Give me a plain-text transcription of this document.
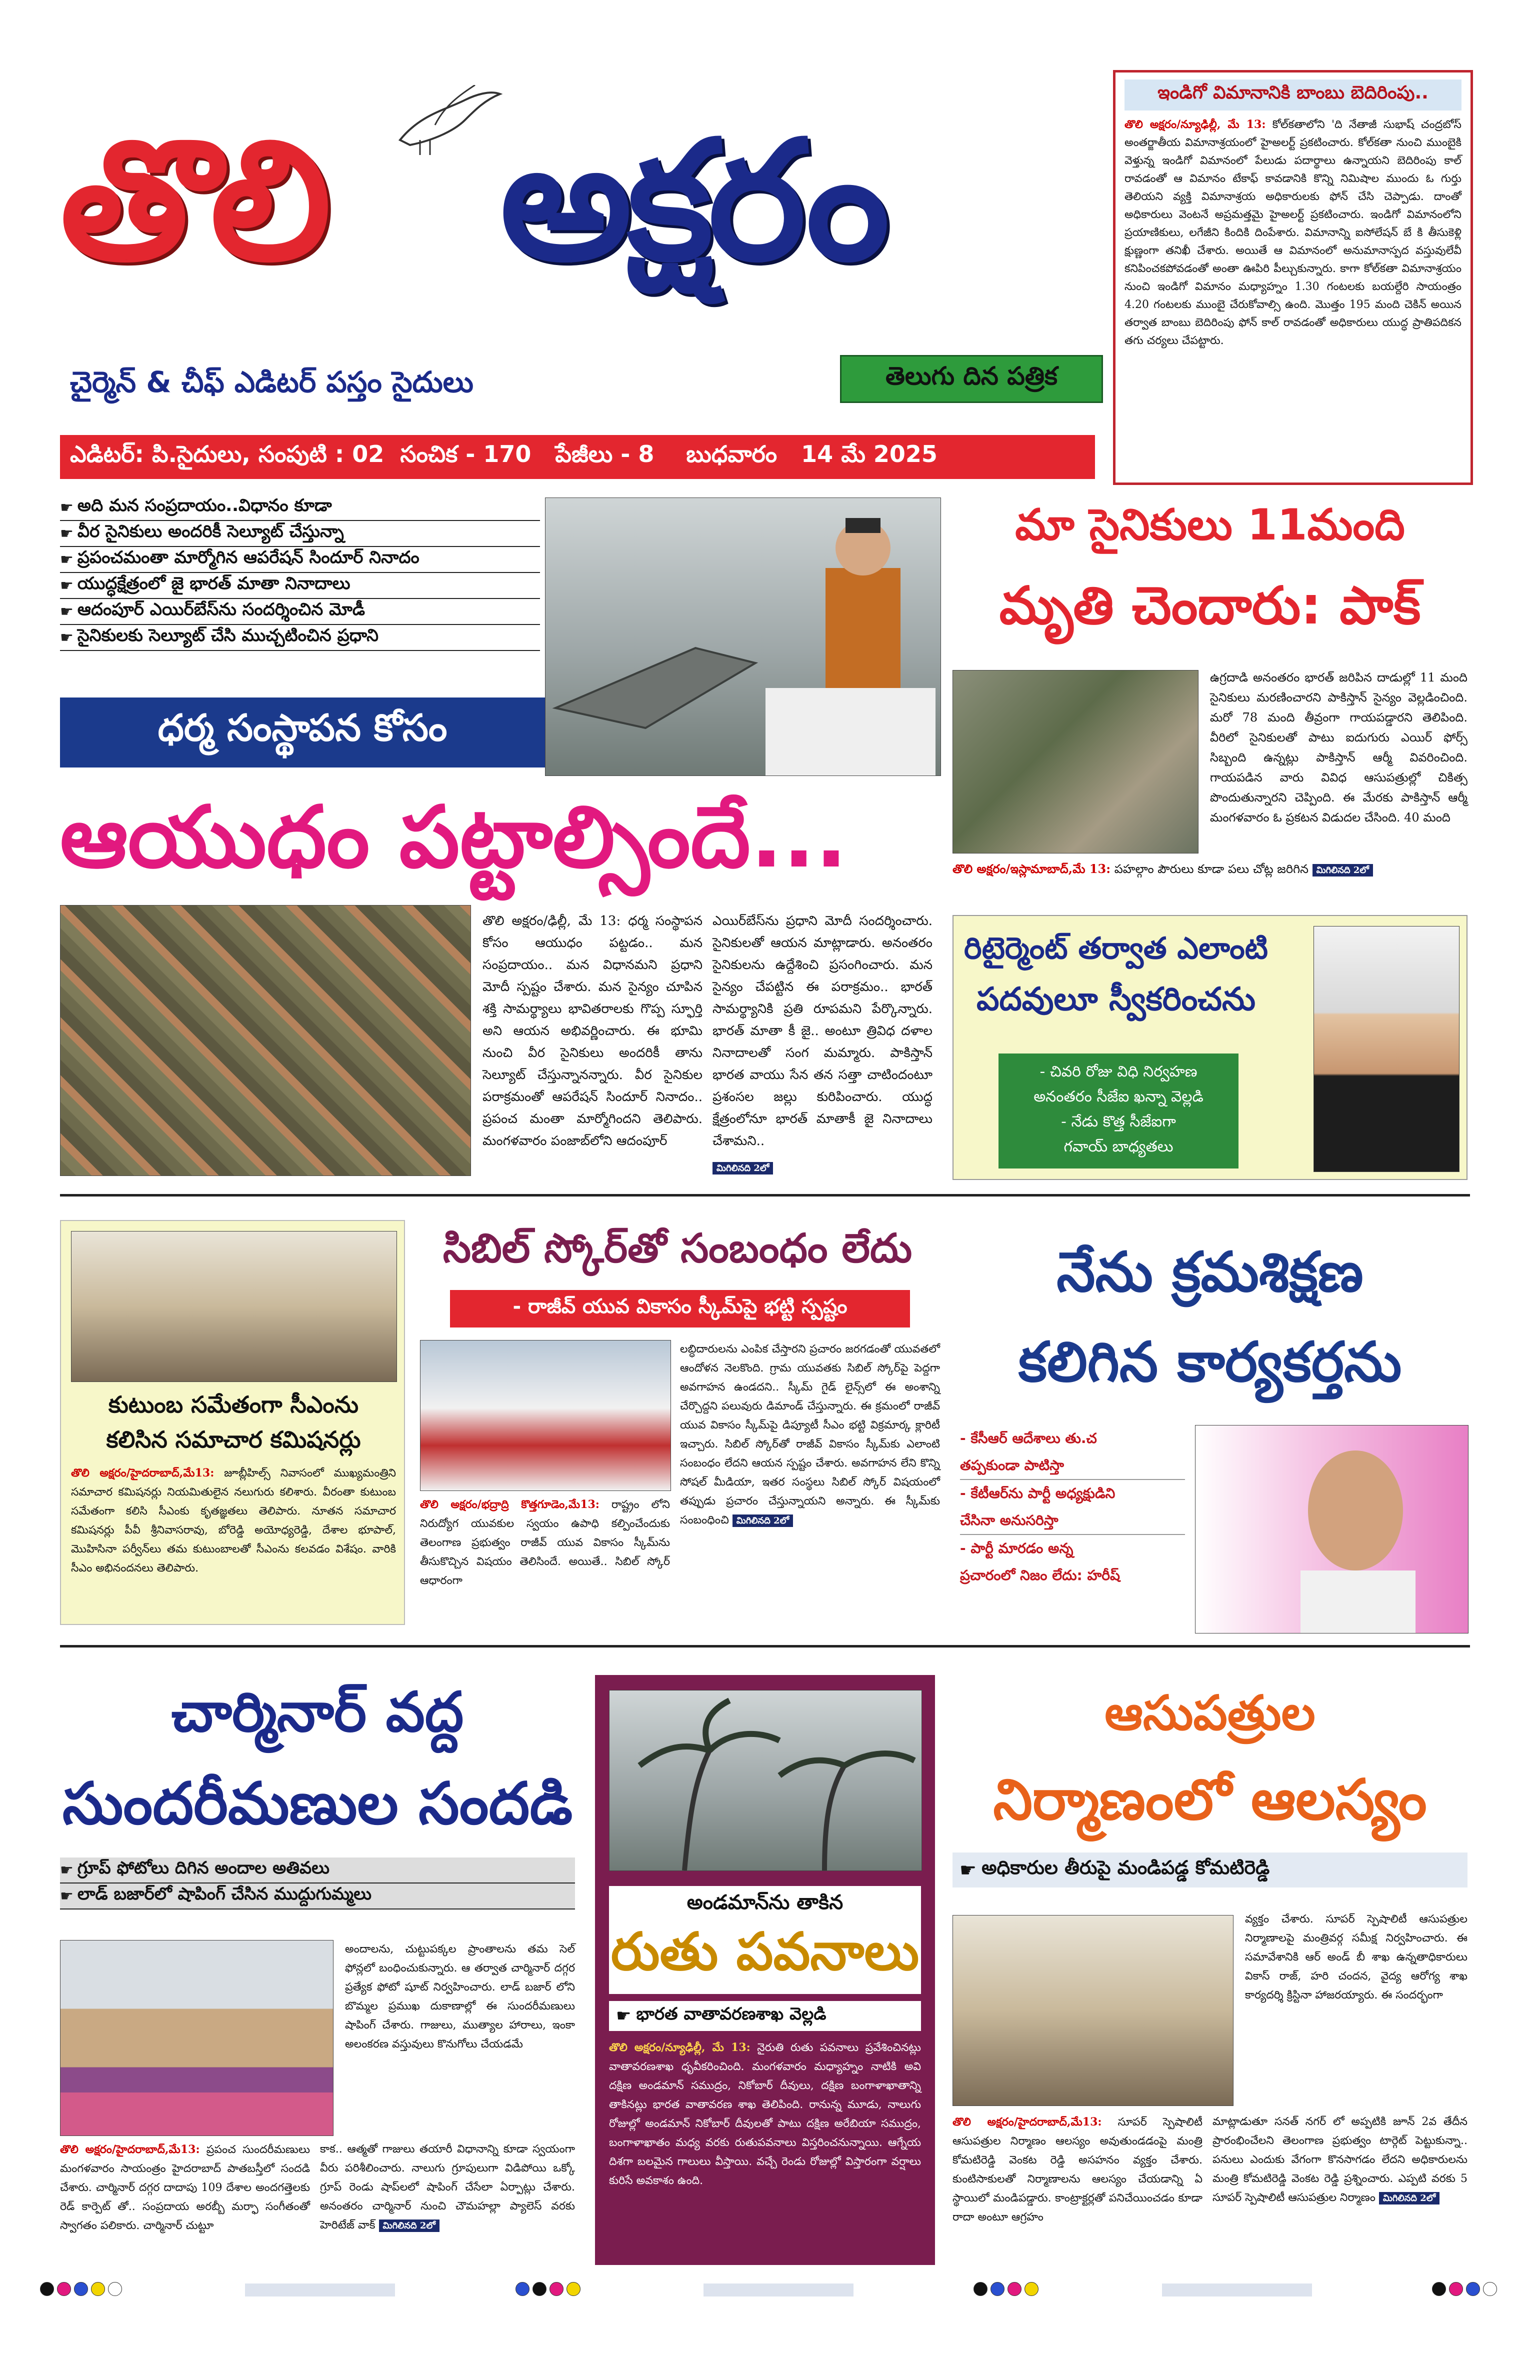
తొలి అక్షరం
చైర్మెన్ & చీఫ్ ఎడిటర్ పస్తం సైదులు	తెలుగు దిన పత్రిక
ఎడిటర్: పి.సైదులు, సంపుటి : 02  సంచిక - 170   పేజీలు - 8    బుధవారం   14 మే 2025
ఇండిగో విమానానికి బాంబు బెదిరింపు..
తొలి అక్షరం/న్యూఢిల్లీ, మే 13: కోల్‌కతాలోని 'ది నేతాజీ సుభాష్ చంద్రబోస్ అంతర్జాతీయ విమానాశ్రయంలో హైఅలర్ట్ ప్రకటించారు. కోల్‌కతా నుంచి ముంబైకి వెళ్తున్న ఇండిగో విమానంలో పేలుడు పదార్థాలు ఉన్నాయని బెదిరింపు కాల్ రావడంతో ఆ విమానం టేకాఫ్ కావడానికి కొన్ని నిమిషాల ముందు ఓ గుర్తు తెలియని వ్యక్తి విమానాశ్రయ అధికారులకు ఫోన్ చేసి చెప్పాడు. దాంతో అధికారులు వెంటనే అప్రమత్తమై హైఅలర్ట్ ప్రకటించారు. ఇండిగో విమానంలోని ప్రయాణికులు, లగేజీని కిందికి దింపేశారు. విమానాన్ని ఐసోలేషన్ బే కి తీసుకెళ్లి క్షుణ్ణంగా తనిఖీ చేశారు. అయితే ఆ విమానంలో అనుమానాస్పద వస్తువులేవీ కనిపించకపోవడంతో అంతా ఊపిరి పీల్చుకున్నారు. కాగా కోల్‌కతా విమానాశ్రయం నుంచి ఇండిగో విమానం మధ్యాహ్నం 1.30 గంటలకు బయల్దేరి సాయంత్రం 4.20 గంటలకు ముంబై చేరుకోవాల్సి ఉంది. మొత్తం 195 మంది చెకిన్ అయిన తర్వాత బాంబు బెదిరింపు ఫోన్ కాల్ రావడంతో అధికారులు యుద్ధ ప్రాతిపదికన తగు చర్యలు చేపట్టారు.
☛ అది మన సంప్రదాయం..విధానం కూడా
☛ వీర సైనికులు అందరికీ సెల్యూట్ చేస్తున్నా
☛ ప్రపంచమంతా మార్మోగిన ఆపరేషన్ సిందూర్ నినాదం
☛ యుద్ధక్షేత్రంలో జై భారత్ మాతా నినాదాలు
☛ ఆదంపూర్ ఎయిర్‌బేస్‌ను సందర్శించిన మోడీ
☛ సైనికులకు సెల్యూట్ చేసి ముచ్చటించిన ప్రధాని
ధర్మ సంస్థాపన కోసం
ఆయుధం పట్టాల్సిందే...
తొలి అక్షరం/ఢిల్లీ, మే 13: ధర్మ సంస్థాపన కోసం ఆయుధం పట్టడం.. మన సంప్రదాయం.. మన విధానమని ప్రధాని మోదీ స్పష్టం చేశారు. మన సైన్యం చూపిన శక్తి సామర్థ్యాలు భావితరాలకు గొప్ప స్ఫూర్తి అని ఆయన అభివర్ణించారు. ఈ భూమి నుంచి వీర సైనికులు అందరికీ తాను సెల్యూట్ చేస్తున్నానన్నారు. వీర సైనికుల పరాక్రమంతో ఆపరేషన్ సిందూర్ నినాదం.. ప్రపంచ మంతా మార్మోగిందని తెలిపారు. మంగళవారం పంజాబ్‌లోని ఆదంపూర్
ఎయిర్‌బేస్‌ను ప్రధాని మోదీ సందర్శించారు. సైనికులతో ఆయన మాట్లాడారు. అనంతరం సైనికులను ఉద్దేశించి ప్రసంగించారు. మన సైన్యం చేపట్టిన ఈ పరాక్రమం.. భారత్ సామర్థ్యానికి ప్రతి రూపమని పేర్కొన్నారు. భారత్ మాతా కీ జై.. అంటూ త్రివిధ దళాల నినాదాలతో సంగ మమ్మారు. పాకిస్తాన్ భారత వాయు సేన తన సత్తా చాటిందంటూ ప్రశంసల జల్లు కురిపించారు. యుద్ధ క్షేత్రంలోనూ భారత్ మాతాకీ జై నినాదాలు చేశామని..
మిగిలినది 2లో
మా సైనికులు 11మంది
మృతి చెందారు: పాక్
ఉగ్రదాడి అనంతరం భారత్ జరిపిన దాడుల్లో 11 మంది సైనికులు మరణించారని పాకిస్తాన్ సైన్యం వెల్లడించింది. మరో 78 మంది తీవ్రంగా గాయపడ్డారని తెలిపింది. వీరిలో సైనికులతో పాటు ఐదుగురు ఎయిర్ ఫోర్స్ సిబ్బంది ఉన్నట్లు పాకిస్తాన్ ఆర్మీ వివరించింది. గాయపడిన వారు వివిధ ఆసుపత్రుల్లో చికిత్స పొందుతున్నారని చెప్పింది. ఈ మేరకు పాకిస్తాన్ ఆర్మీ మంగళవారం ఓ ప్రకటన విడుదల చేసింది. 40 మంది
తొలి అక్షరం/ఇస్లామాబాద్,మే 13: పహల్గాం పౌరులు కూడా పలు చోట్ల జరిగిన మిగిలినది 2లో
రిటైర్మెంట్ తర్వాత ఎలాంటి
పదవులూ స్వీకరించను
- చివరి రోజు విధి నిర్వహణ
అనంతరం సీజేఐ ఖన్నా వెల్లడి
- నేడు కొత్త సీజేఐగా
గవాయ్ బాధ్యతలు
కుటుంబ సమేతంగా సీఎంను
కలిసిన సమాచార కమిషనర్లు
తొలి అక్షరం/హైదరాబాద్,మే13: జూబ్లీహిల్స్ నివాసంలో ముఖ్యమంత్రిని సమాచార కమిషనర్లు నియమితులైన నలుగురు కలిశారు. వీరంతా కుటుంబ సమేతంగా కలిసి సీఎంకు కృతజ్ఞతలు తెలిపారు. నూతన సమాచార కమిషనర్లు పీవీ శ్రీనివాసరావు, బోరెడ్డి అయోధ్యరెడ్డి, దేశాల భూపాల్, మొహిసినా పర్వీన్‌లు తమ కుటుంబాలతో సీఎంను కలవడం విశేషం. వారికి సీఎం అభినందనలు తెలిపారు.
సిబిల్ స్కోర్‌తో సంబంధం లేదు
- రాజీవ్ యువ వికాసం స్కీమ్‌పై భట్టి స్పష్టం
తొలి అక్షరం/భద్రాద్రి కొత్తగూడెం,మే13: రాష్ట్రం లోని నిరుద్యోగ యువకుల స్వయం ఉపాధి కల్పించేందుకు తెలంగాణ ప్రభుత్వం రాజీవ్ యువ వికాసం స్కీమ్‌ను తీసుకొచ్చిన విషయం తెలిసిందే. అయితే.. సిబిల్ స్కోర్ ఆధారంగా
లబ్ధిదారులను ఎంపిక చేస్తారని ప్రచారం జరగడంతో యువతలో ఆందోళన నెలకొంది. గ్రామ యువతకు సిబిల్ స్కోర్‌పై పెద్దగా అవగాహన ఉండదని.. స్కీమ్ గైడ్ లైన్స్‌లో ఈ అంశాన్ని చేర్చొద్దని పలువురు డిమాండ్ చేస్తున్నారు. ఈ క్రమంలో రాజీవ్ యువ వికాసం స్కీమ్‌పై డిప్యూటీ సీఎం భట్టి విక్రమార్క క్లారిటీ ఇచ్చారు. సిబిల్ స్కోర్‌తో రాజీవ్ వికాసం స్కీమ్‌కు ఎలాంటి సంబంధం లేదని ఆయన స్పష్టం చేశారు. అవగాహన లేని కొన్ని సోషల్ మీడియా, ఇతర సంస్థలు సిబిల్ స్కోర్ విషయంలో తప్పుడు ప్రచారం చేస్తున్నాయని అన్నారు. ఈ స్కీమ్‌కు సంబంధించి మిగిలినది 2లో
నేను క్రమశిక్షణ
కలిగిన కార్యకర్తను
- కేసీఆర్ ఆదేశాలు తు.చ
తప్పకుండా పాటిస్తా
- కేటీఆర్‌ను పార్టీ అధ్యక్షుడిని
చేసినా అనుసరిస్తా
- పార్టీ మారడం అన్న
ప్రచారంలో నిజం లేదు: హరీష్
చార్మినార్ వద్ద
సుందరీమణుల సందడి
☛ గ్రూప్ ఫోటోలు దిగిన అందాల అతివలు
☛ లాడ్ బజార్‌లో షాపింగ్ చేసిన ముద్దుగుమ్మలు
అందాలను, చుట్టుపక్కల ప్రాంతాలను తమ సెల్ ఫోన్లలో బంధించుకున్నారు. ఆ తర్వాత చార్మినార్ దగ్గర ప్రత్యేక ఫోటో షూట్ నిర్వహించారు. లాడ్ బజార్ లోని బొమ్మల ప్రముఖ దుకాణాల్లో ఈ సుందరీమణులు షాపింగ్ చేశారు. గాజులు, ముత్యాల హారాలు, ఇంకా అలంకరణ వస్తువులు కొనుగోలు చేయడమే
తొలి అక్షరం/హైదరాబాద్,మే13: ప్రపంచ సుందరీమణులు మంగళవారం సాయంత్రం హైదరాబాద్ పాతబస్తీలో సందడి చేశారు. చార్మినార్ దగ్గర దాదాపు 109 దేశాల అందగత్తెలకు రెడ్ కార్పెట్ తో.. సంప్రదాయ అరబ్బీ మర్ఫా సంగీతంతో స్వాగతం పలికారు. చార్మినార్ చుట్టూ
కాక.. ఆత్మతో గాజులు తయారీ విధానాన్ని కూడా స్వయంగా వీరు పరిశీలించారు. నాలుగు గ్రూపులుగా విడిపోయి ఒక్కో గ్రూప్ రెండు షాప్‌లలో షాపింగ్ చేసేలా ఏర్పాట్లు చేశారు. అనంతరం చార్మినార్ నుంచి చౌమహల్లా ప్యాలెస్ వరకు హెరిటేజ్ వాక్ మిగిలినది 2లో
అండమాన్‌ను తాకిన
రుతు పవనాలు
☛ భారత వాతావరణశాఖ వెల్లడి
తొలి అక్షరం/న్యూఢిల్లీ, మే 13: నైరుతి రుతు పవనాలు ప్రవేశించినట్లు వాతావరణశాఖ ధృవీకరించింది. మంగళవారం మధ్యాహ్నం నాటికి అవి దక్షిణ అండమాన్ సముద్రం, నికోబార్ దీవులు, దక్షిణ బంగాళాఖాతాన్ని తాకినట్లు భారత వాతావరణ శాఖ తెలిపింది. రానున్న మూడు, నాలుగు రోజుల్లో అండమాన్ నికోబార్ దీవులతో పాటు దక్షిణ అరేబియా సముద్రం, బంగాళాఖాతం మధ్య వరకు రుతుపవనాలు విస్తరించనున్నాయి. ఆగ్నేయ దిశగా బలమైన గాలులు వీస్తాయి. వచ్చే రెండు రోజుల్లో విస్తారంగా వర్షాలు కురిసే అవకాశం ఉంది.
ఆసుపత్రుల
నిర్మాణంలో ఆలస్యం
☛ అధికారుల తీరుపై మండిపడ్డ కోమటిరెడ్డి
వ్యక్తం చేశారు. సూపర్ స్పెషాలిటీ ఆసుపత్రుల నిర్మాణాలపై మంత్రివర్గ సమీక్ష నిర్వహించారు. ఈ సమావేశానికి ఆర్ అండ్ బీ శాఖ ఉన్నతాధికారులు వికాస్ రాజ్, హరి చందన, వైద్య ఆరోగ్య శాఖ కార్యదర్శి క్రిస్టినా హాజరయ్యారు. ఈ సందర్భంగా
తొలి అక్షరం/హైదరాబాద్,మే13: సూపర్ స్పెషాలిటీ ఆసుపత్రుల నిర్మాణం ఆలస్యం అవుతుండడంపై మంత్రి కోమటిరెడ్డి వెంకట రెడ్డి అసహనం వ్యక్తం చేశారు. కుంటిసాకులతో నిర్మాణాలను ఆలస్యం చేయడాన్ని ఏ స్థాయిలో మండిపడ్డారు. కాంట్రాక్టర్లతో పనిచేయించడం కూడా రాదా అంటూ ఆగ్రహం
మాట్లాడుతూ సనత్ నగర్ లో అప్పటికి జూన్ 2వ తేదీన ప్రారంభించేలని తెలంగాణ ప్రభుత్వం టార్గెట్ పెట్టుకున్నా.. పనులు ఎందుకు వేగంగా కొనసాగడం లేదని అధికారులను మంత్రి కోమటిరెడ్డి వెంకట రెడ్డి ప్రశ్నించారు. ఎప్పటి వరకు 5 సూపర్ స్పెషాలిటీ ఆసుపత్రుల నిర్మాణం మిగిలినది 2లో
